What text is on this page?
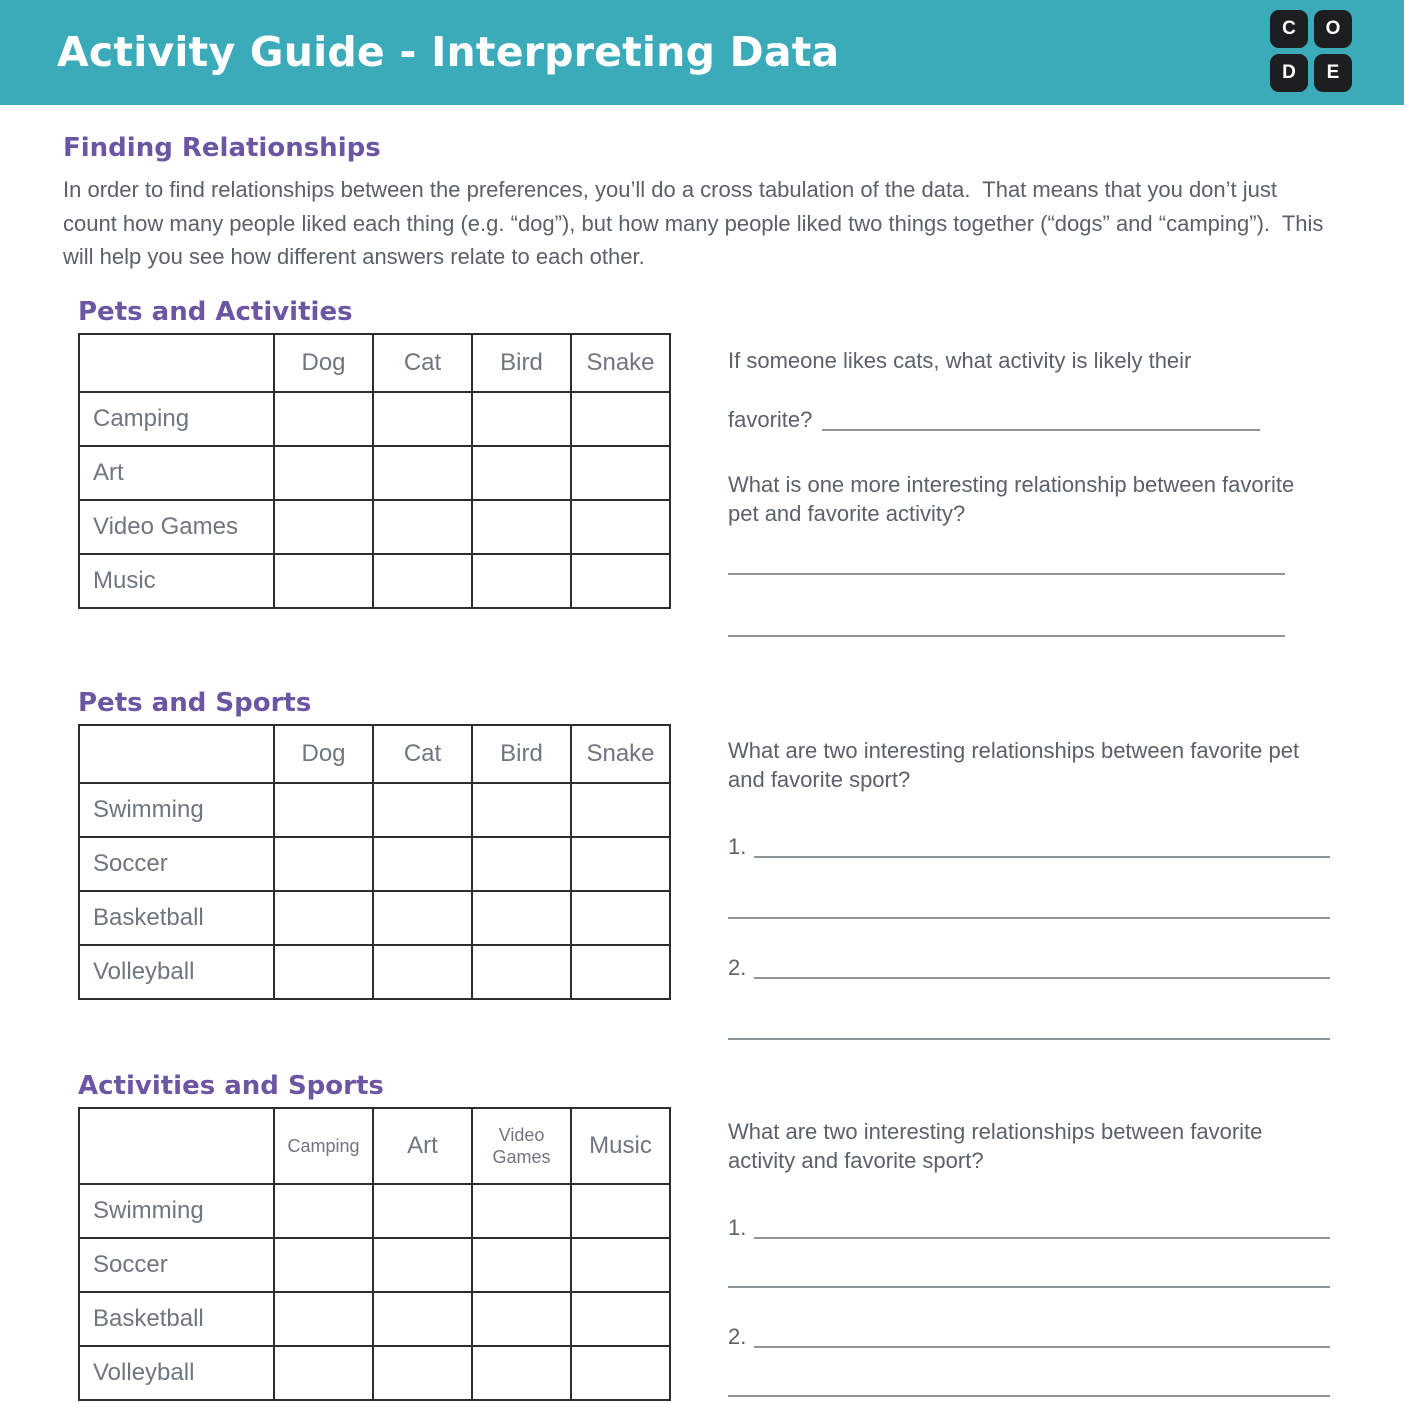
Activity Guide - Interpreting Data	C	O
D	E
Finding Relationships

In order to find relationships between the preferences, you’ll do a cross tabulation of the data.  That means that you don’t just count how many people liked each thing (e.g. “dog”), but how many people liked two things together (“dogs” and “camping”).  This will help you see how different answers relate to each other.

Pets and Activities
	Dog	Cat	Bird	Snake
Camping				
Art				
Video Games				
Music				
If someone likes cats, what activity is likely their
favorite?
What is one more interesting relationship between favorite pet and favorite activity?
Pets and Sports
	Dog	Cat	Bird	Snake
Swimming				
Soccer				
Basketball				
Volleyball				
What are two interesting relationships between favorite pet and favorite sport?
1.
2.
Activities and Sports
	Camping	Art	Video Games	Music
Swimming				
Soccer				
Basketball				
Volleyball				
What are two interesting relationships between favorite activity and favorite sport?
1.
2.
